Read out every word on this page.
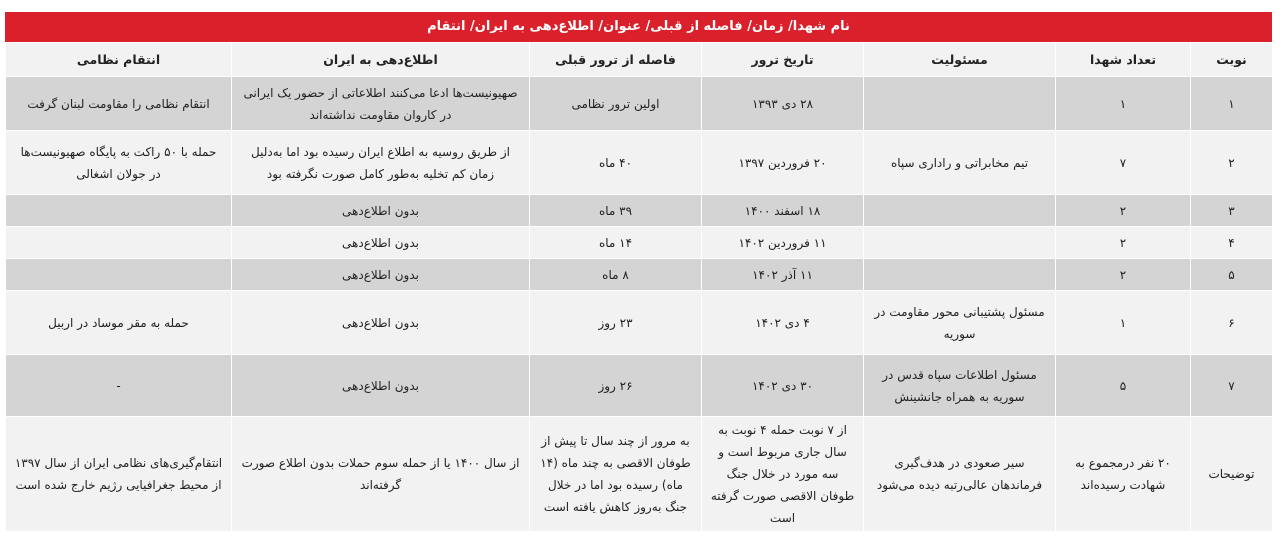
نام شهدا/ زمان/ فاصله از قبلی/ عنوان/ اطلاع‌دهی به ایران/ انتقام
نوبت	تعداد شهدا	مسئولیت	تاریخ ترور	فاصله از ترور قبلی	اطلاع‌دهی به ایران	انتقام نظامی
۱	۱		۲۸ دی ۱۳۹۳	اولین ترور نظامی	صهیونیست‌ها ادعا می‌کنند اطلاعاتی از حضور یک ایرانی در کاروان مقاومت نداشته‌اند	انتقام نظامی را مقاومت لبنان گرفت
۲	۷	تیم مخابراتی و راداری سپاه	۲۰ فروردین ۱۳۹۷	۴۰ ماه	از طریق روسیه به اطلاع ایران رسیده بود اما به‌دلیل زمان کم تخلیه به‌طور کامل صورت نگرفته بود	حمله با ۵۰ راکت به پایگاه صهیونیست‌ها در جولان اشغالی
۳	۲		۱۸ اسفند ۱۴۰۰	۳۹ ماه	بدون اطلاع‌دهی	
۴	۲		۱۱ فروردین ۱۴۰۲	۱۴ ماه	بدون اطلاع‌دهی	
۵	۲		۱۱ آذر ۱۴۰۲	۸ ماه	بدون اطلاع‌دهی	
۶	۱	مسئول پشتیبانی محور مقاومت در سوریه	۴ دی ۱۴۰۲	۲۳ روز	بدون اطلاع‌دهی	حمله به مقر موساد در اربیل
۷	۵	مسئول اطلاعات سپاه قدس در سوریه به همراه جانشینش	۳۰ دی ۱۴۰۲	۲۶ روز	بدون اطلاع‌دهی	-
توضیحات	۲۰ نفر درمجموع به شهادت رسیده‌اند	سیر صعودی در هدف‌گیری فرماندهان عالی‌رتبه دیده می‌شود	از ۷ نوبت حمله ۴ نوبت به سال جاری مربوط است و سه مورد در خلال جنگ طوفان الاقصی صورت گرفته است	به مرور از چند سال تا پیش از طوفان الاقصی به چند ماه (۱۴ ماه) رسیده بود اما در خلال جنگ به‌روز کاهش یافته است	از سال ۱۴۰۰ یا از حمله سوم حملات بدون اطلاع صورت گرفته‌اند	انتقام‌گیری‌های نظامی ایران از سال ۱۳۹۷ از محیط جغرافیایی رژیم خارج شده است
